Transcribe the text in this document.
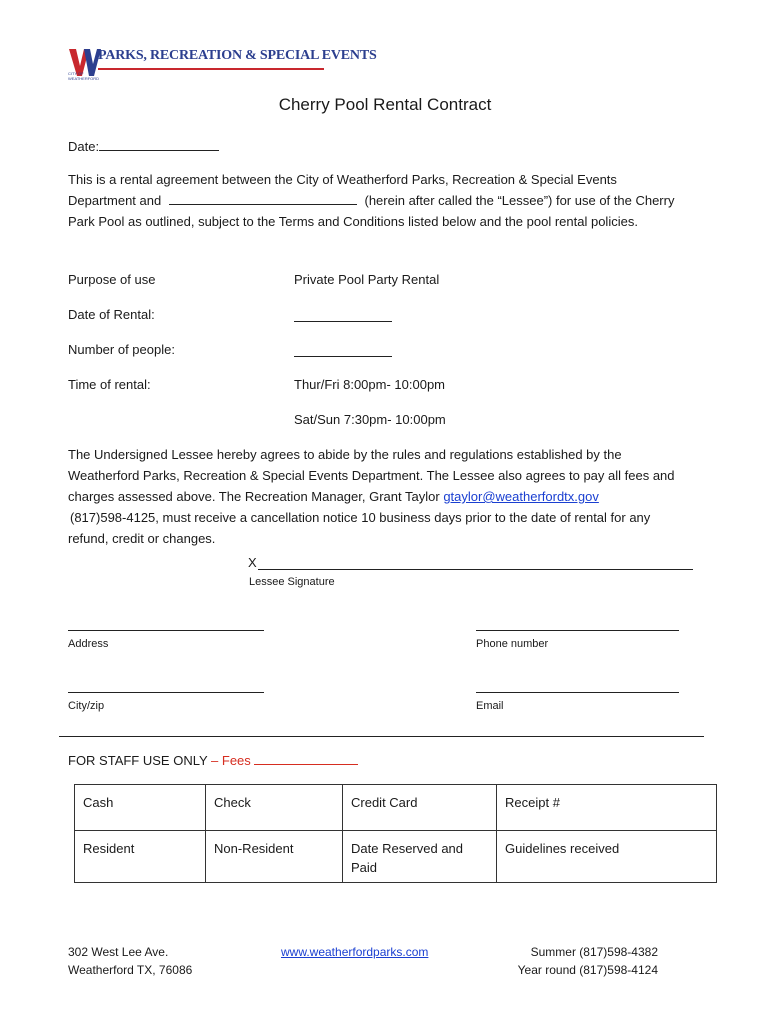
PARKS, RECREATION & SPECIAL EVENTS
CITY OF WEATHERFORD
Cherry Pool Rental Contract
Date:
This is a rental agreement between the City of Weatherford Parks, Recreation & Special Events
Department and	(herein after called the “Lessee”) for use of the Cherry
Park Pool as outlined, subject to the Terms and Conditions listed below and the pool rental policies.
Purpose of use	Private Pool Party Rental
Date of Rental:
Number of people:
Time of rental:	Thur/Fri 8:00pm- 10:00pm
Sat/Sun 7:30pm- 10:00pm
The Undersigned Lessee hereby agrees to abide by the rules and regulations established by the
Weatherford Parks, Recreation & Special Events Department. The Lessee also agrees to pay all fees and
charges assessed above. The Recreation Manager, Grant Taylor gtaylor@weatherfordtx.gov
(817)598-4125, must receive a cancellation notice 10 business days prior to the date of rental for any
refund, credit or changes.
X
Lessee Signature
Address	Phone number
City/zip	Email
FOR STAFF USE ONLY – Fees
Cash	Check	Credit Card	Receipt #
Resident	Non-Resident	Date Reserved and Paid	Guidelines received
302 West Lee Ave.
Weatherford TX, 76086
www.weatherfordparks.com	Summer (817)598-4382
Year round (817)598-4124
